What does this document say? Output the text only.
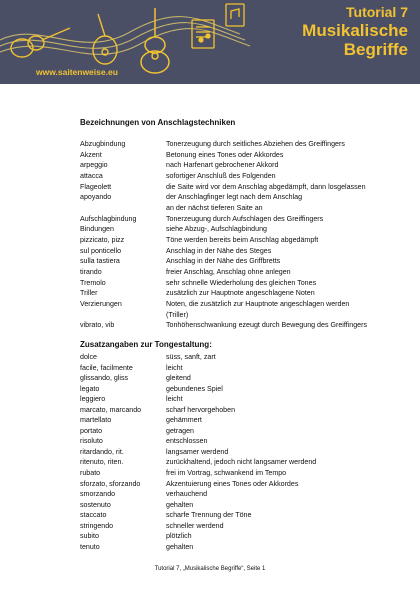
www.saitenweise.eu
Tutorial 7
Musikalische
Begriffe
Bezeichnungen von Anschlagstechniken
Abzugbindung	Tonerzeugung durch seitliches Abziehen des Greiffingers
Akzent	Betonung eines Tones oder Akkordes
arpeggio	nach Harfenart gebrochener Akkord
attacca	sofortiger Anschluß des Folgenden
Flageolett	die Saite wird vor dem Anschlag abgedämpft, dann losgelassen
apoyando	der Anschlagfinger legt nach dem Anschlag
an der nächst tieferen Saite an
Aufschlagbindung	Tonerzeugung durch Aufschlagen des Greiffingers
Bindungen	siehe Abzug-, Aufschlagbindung
pizzicato, pizz	Töne werden bereits beim Anschlag abgedämpft
sul ponticello	Anschlag in der Nähe des Steges
sulla tastiera	Anschlag in der Nähe des Griffbretts
tirando	freier Anschlag, Anschlag ohne anlegen
Tremolo	sehr schnelle Wiederholung des gleichen Tones
Triller	zusätzlich zur Hauptnote angeschlagene Noten
Verzierungen	Noten, die zusätzlich zur Hauptnote angeschlagen werden
(Triller)
vibrato, vib	Tonhöhenschwankung ezeugt durch Bewegung des Greiffingers
Zusatzangaben zur Tongestaltung:
dolce	süss, sanft, zart
facile, facilmente	leicht
glissando, gliss	gleitend
legato	gebundenes Spiel
leggiero	leicht
marcato, marcando	scharf hervorgehoben
martellato	gehämmert
portato	getragen
risoluto	entschlossen
ritardando, rit.	langsamer werdend
ritenuto, riten.	zurückhaltend, jedoch nicht langsamer werdend
rubato	frei im Vortrag, schwankend im Tempo
sforzato, sforzando	Akzentuierung eines Tones oder Akkordes
smorzando	verhauchend
sostenuto	gehalten
staccato	scharfe Trennung der Töne
stringendo	schneller werdend
subito	plötzlich
tenuto	gehalten
Tutorial 7, „Musikalische Begriffe“, Seite 1
